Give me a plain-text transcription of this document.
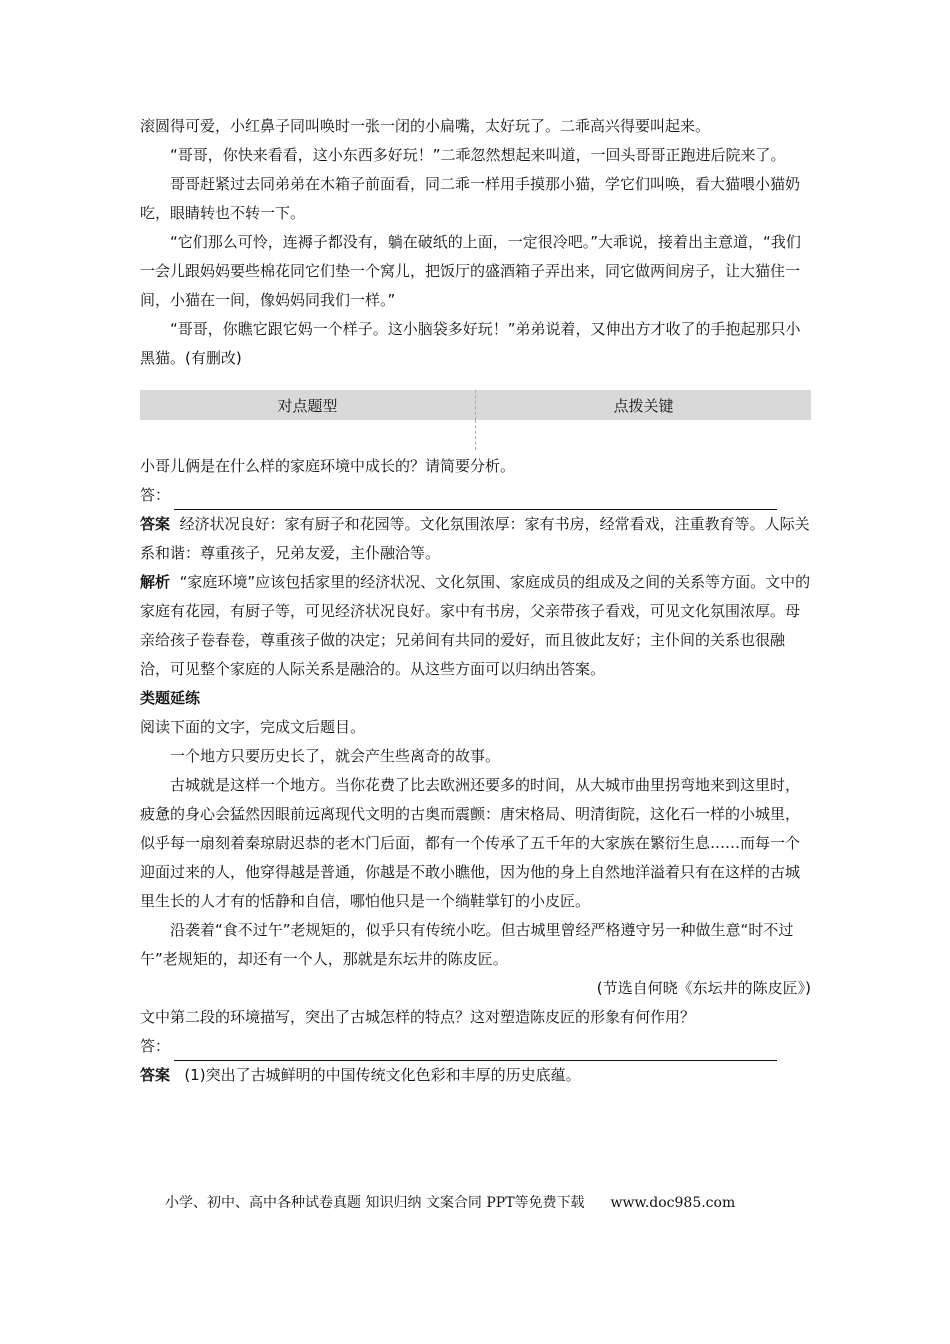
滚圆得可爱，小红鼻子同叫唤时一张一闭的小扁嘴，太好玩了。二乖高兴得要叫起来。

“哥哥，你快来看看，这小东西多好玩！”二乖忽然想起来叫道，一回头哥哥正跑进后院来了。

哥哥赶紧过去同弟弟在木箱子前面看，同二乖一样用手摸那小猫，学它们叫唤，看大猫喂小猫奶吃，眼睛转也不转一下。

“它们那么可怜，连褥子都没有，躺在破纸的上面，一定很冷吧。”大乖说，接着出主意道，“我们一会儿跟妈妈要些棉花同它们垫一个窝儿，把饭厅的盛酒箱子弄出来，同它做两间房子，让大猫住一间，小猫在一间，像妈妈同我们一样。”

“哥哥，你瞧它跟它妈一个样子。这小脑袋多好玩！”弟弟说着，又伸出方才收了的手抱起那只小黑猫。(有删改)

对点题型	点拨关键

小哥儿俩是在什么样的家庭环境中成长的？请简要分析。

答：

答案 经济状况良好：家有厨子和花园等。文化氛围浓厚：家有书房，经常看戏，注重教育等。人际关系和谐：尊重孩子，兄弟友爱，主仆融洽等。

解析 “家庭环境”应该包括家里的经济状况、文化氛围、家庭成员的组成及之间的关系等方面。文中的家庭有花园，有厨子等，可见经济状况良好。家中有书房，父亲带孩子看戏，可见文化氛围浓厚。母亲给孩子卷春卷，尊重孩子做的决定；兄弟间有共同的爱好，而且彼此友好；主仆间的关系也很融洽，可见整个家庭的人际关系是融洽的。从这些方面可以归纳出答案。

类题延练

阅读下面的文字，完成文后题目。

一个地方只要历史长了，就会产生些离奇的故事。

古城就是这样一个地方。当你花费了比去欧洲还要多的时间，从大城市曲里拐弯地来到这里时，疲惫的身心会猛然因眼前远离现代文明的古奥而震颤：唐宋格局、明清街院，这化石一样的小城里，似乎每一扇刻着秦琼尉迟恭的老木门后面，都有一个传承了五千年的大家族在繁衍生息……而每一个迎面过来的人，他穿得越是普通，你越是不敢小瞧他，因为他的身上自然地洋溢着只有在这样的古城里生长的人才有的恬静和自信，哪怕他只是一个绱鞋掌钉的小皮匠。

沿袭着“食不过午”老规矩的，似乎只有传统小吃。但古城里曾经严格遵守另一种做生意“时不过午”老规矩的，却还有一个人，那就是东坛井的陈皮匠。

(节选自何晓《东坛井的陈皮匠》)

文中第二段的环境描写，突出了古城怎样的特点？这对塑造陈皮匠的形象有何作用？

答：

答案 (1)突出了古城鲜明的中国传统文化色彩和丰厚的历史底蕴。

小学、初中、高中各种试卷真题 知识归纳 文案合同 PPT等免费下载 www.doc985.com
